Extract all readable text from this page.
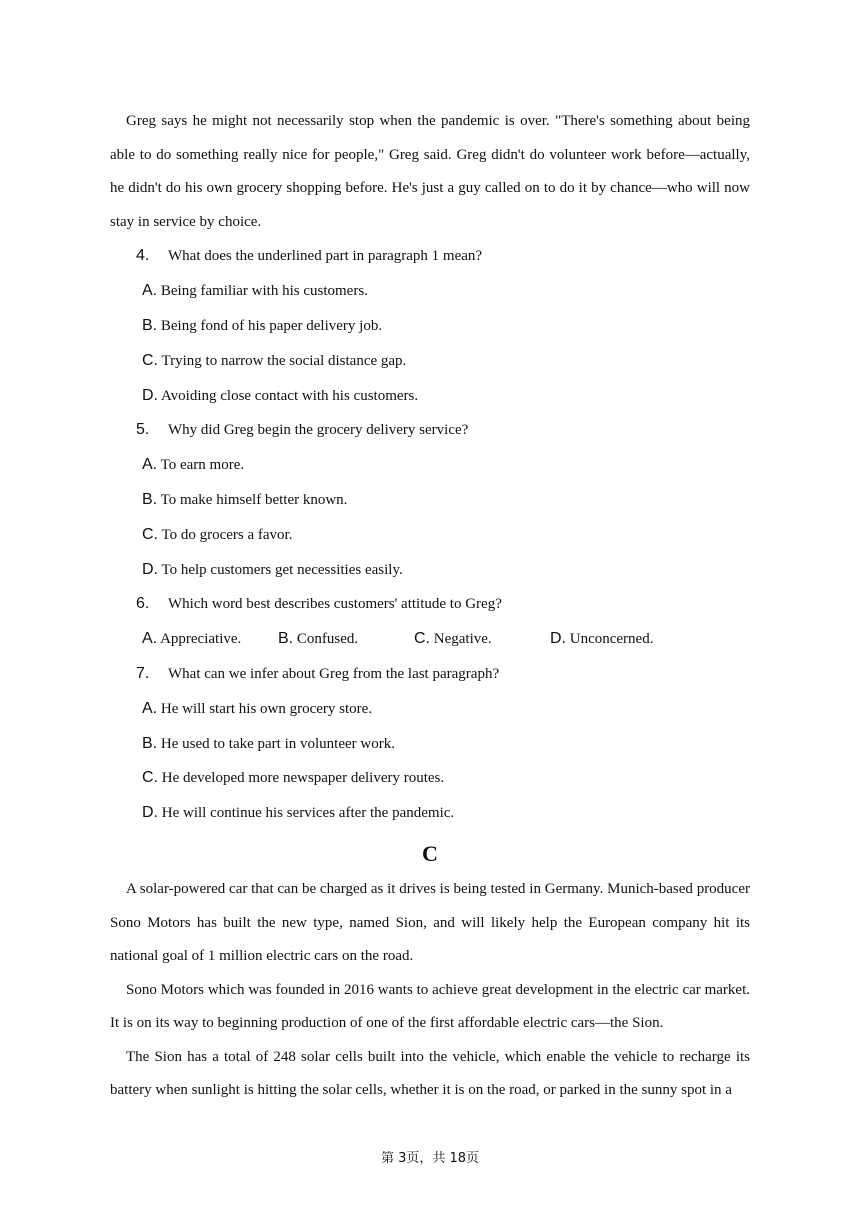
Greg says he might not necessarily stop when the pandemic is over. "There's something about being able to do something really nice for people," Greg said. Greg didn't do volunteer work before—actually, he didn't do his own grocery shopping before. He's just a guy called on to do it by chance—who will now stay in service by choice.

4. What does the underlined part in paragraph 1 mean?

A. Being familiar with his customers.

B. Being fond of his paper delivery job.

C. Trying to narrow the social distance gap.

D. Avoiding close contact with his customers.

5. Why did Greg begin the grocery delivery service?

A. To earn more.

B. To make himself better known.

C. To do grocers a favor.

D. To help customers get necessities easily.

6. Which word best describes customers' attitude to Greg?

A. Appreciative.	B. Confused.	C. Negative.	D. Unconcerned.

7. What can we infer about Greg from the last paragraph?

A. He will start his own grocery store.

B. He used to take part in volunteer work.

C. He developed more newspaper delivery routes.

D. He will continue his services after the pandemic.

C

A solar-powered car that can be charged as it drives is being tested in Germany. Munich-based producer Sono Motors has built the new type, named Sion, and will likely help the European company hit its national goal of 1 million electric cars on the road.

Sono Motors which was founded in 2016 wants to achieve great development in the electric car market. It is on its way to beginning production of one of the first affordable electric cars—the Sion.

The Sion has a total of 248 solar cells built into the vehicle, which enable the vehicle to recharge its battery when sunlight is hitting the solar cells, whether it is on the road, or parked in the sunny spot in a

第 3页，共 18页
